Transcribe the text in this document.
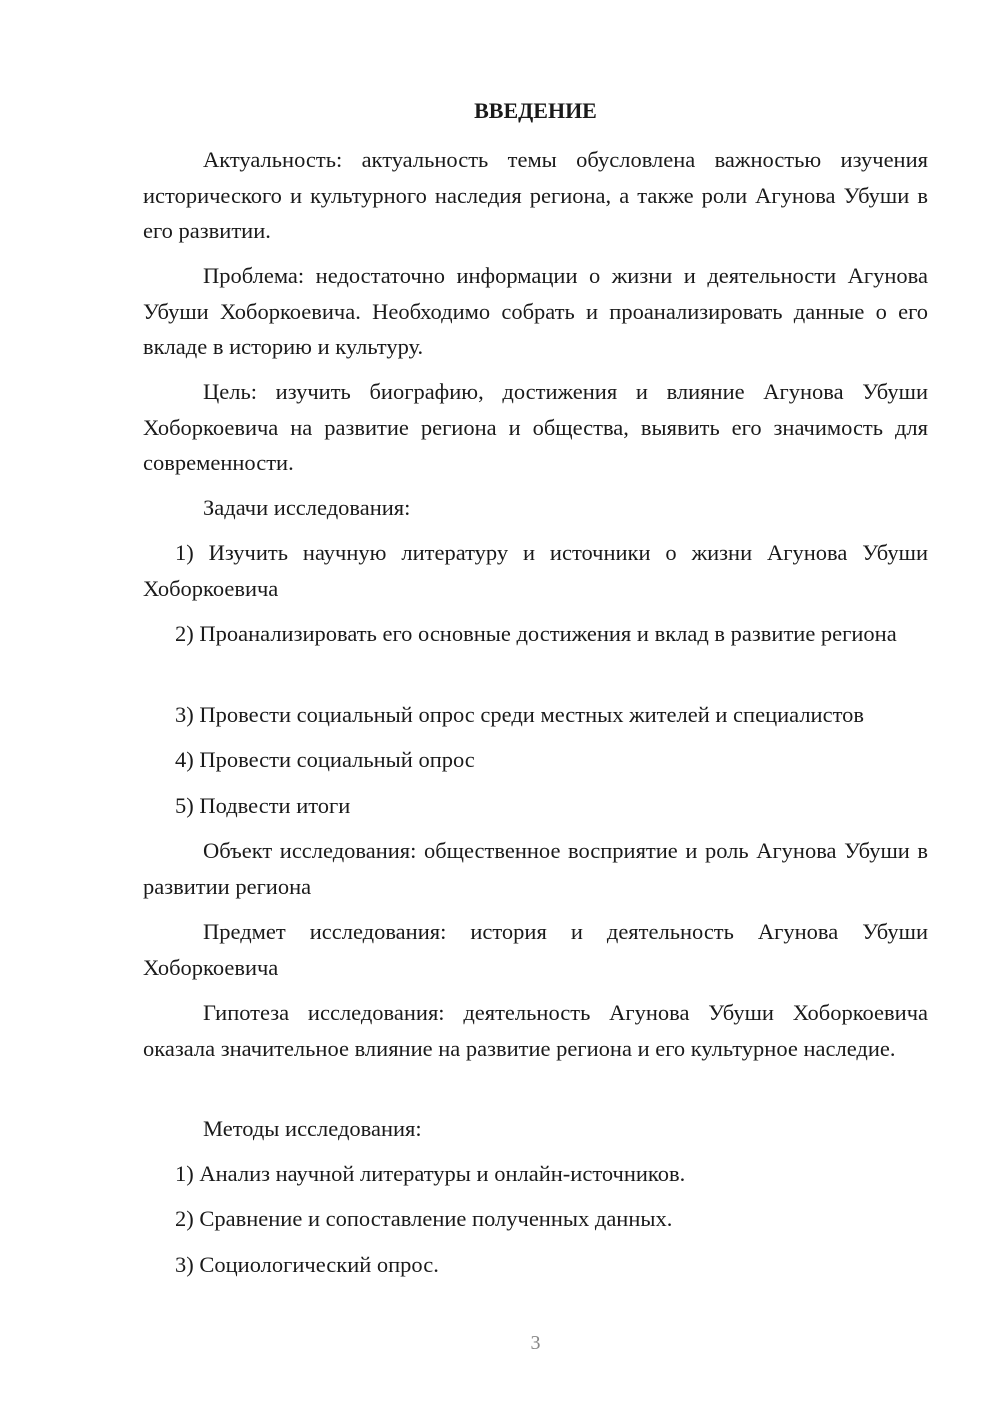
ВВЕДЕНИЕ

Актуальность: актуальность темы обусловлена важностью изучения исторического и культурного наследия региона, а также роли Агунова Убуши в его развитии.

Проблема: недостаточно информации о жизни и деятельности Агунова Убуши Хоборкоевича. Необходимо собрать и проанализировать данные о его вкладе в историю и культуру.

Цель: изучить биографию, достижения и влияние Агунова Убуши Хоборкоевича на развитие региона и общества, выявить его значимость для современности.

Задачи исследования:

1) Изучить научную литературу и источники о жизни Агунова Убуши Хоборкоевича

2) Проанализировать его основные достижения и вклад в развитие региона

3) Провести социальный опрос среди местных жителей и специалистов

4) Провести социальный опрос

5) Подвести итоги

Объект исследования: общественное восприятие и роль Агунова Убуши в развитии региона

Предмет исследования: история и деятельность Агунова Убуши Хоборкоевича

Гипотеза исследования: деятельность Агунова Убуши Хоборкоевича оказала значительное влияние на развитие региона и его культурное наследие.

Методы исследования:

1) Анализ научной литературы и онлайн-источников.

2) Сравнение и сопоставление полученных данных.

3) Социологический опрос.

3
